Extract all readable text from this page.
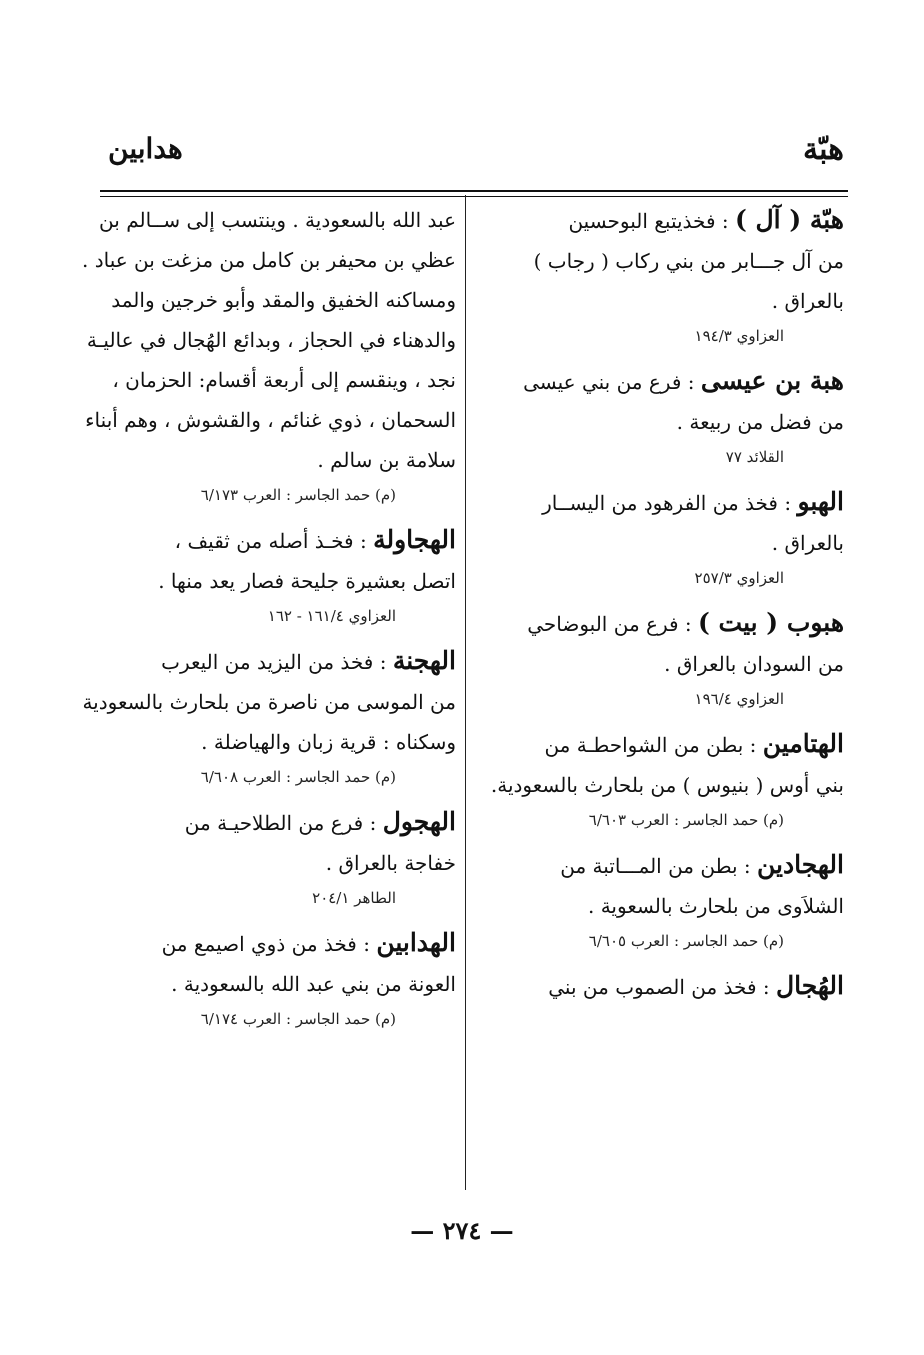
هبّة
هدابين
هبّة ( آل ) : فخذيتبع البوحسين
من آل جـــابر من بني ركاب ( رجاب )
بالعراق .
العزاوي ١٩٤/٣
هبة بن عيسى : فرع من بني عيسى
من فضل من ربيعة .
القلائد ٧٧
الهبو : فخذ من الفرهود من اليســار
بالعراق .
العزاوي ٢٥٧/٣
هبوب ( بيت ) : فرع من البوضاحي
من السودان بالعراق .
العزاوي ١٩٦/٤
الهتامين : بطن من الشواحطـة من
بني أوس ( بنيوس ) من بلحارث بالسعودية.
(م) حمد الجاسر : العرب ٦/٦٠٣
الهجادين : بطن من المـــاتبة من
الشلاَوى من بلحارث بالسعوية .
(م) حمد الجاسر : العرب ٦/٦٠٥
الهُجال : فخذ من الصموب من بني
عبد الله بالسعودية . وينتسب إلى ســالم بن
عظي بن محيفر بن كامل من مزغت بن عباد .
ومساكنه الخفيق والمقد وأبو خرجين والمد
والدهناء في الحجاز ، وبدائع الهُجال في عاليـة
نجد ، وينقسم إلى أربعة أقسام: الحزمان ،
السحمان ، ذوي غنائم ، والقشوش ، وهم أبناء
سلامة بن سالم .
(م) حمد الجاسر : العرب ٦/١٧٣
الهجاولة : فخـذ أصله من ثقيف ،
اتصل بعشيرة جليحة فصار يعد منها .
العزاوي ١٦١/٤ - ١٦٢
الهجنة : فخذ من اليزيد من اليعرب
من الموسى من ناصرة من بلحارث بالسعودية
وسكناه : قرية زبان والهياضلة .
(م) حمد الجاسر : العرب ٦/٦٠٨
الهجول : فرع من الطلاحيـة من
خفاجة بالعراق .
الطاهر ٢٠٤/١
الهدابين : فخذ من ذوي اصيمع من
العونة من بني عبد الله بالسعودية .
(م) حمد الجاسر : العرب ٦/١٧٤
— ٢٧٤ —
